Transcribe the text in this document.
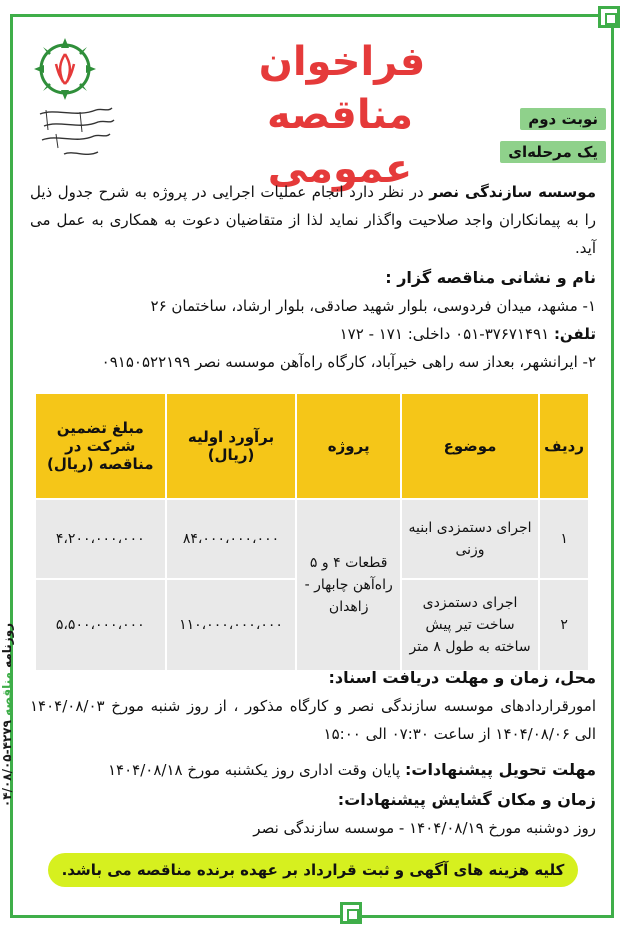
فراخوان
مناقصه عمومی
نوبت دوم
یک مرحله‌ای
موسسه سازندگی نصر در نظر دارد انجام عملیات اجرایی در پروژه به شرح جدول ذیل را به پیمانکاران واجد صلاحیت واگذار نماید لذا از متقاضیان دعوت به همکاری به عمل می آید.
نام و نشانی مناقصه گزار :
۱- مشهد، میدان فردوسی، بلوار شهید صادقی، بلوار ارشاد، ساختمان ۲۶
تلفن: ۳۷۶۷۱۴۹۱-۰۵۱ داخلی: ۱۷۱ - ۱۷۲
۲- ایرانشهر، بعداز سه راهی خیرآباد، کارگاه راه‌آهن موسسه نصر ۰۹۱۵۰۵۲۲۱۹۹
ردیف	موضوع	پروژه	برآورد اولیه (ریال)	مبلغ تضمین شرکت در مناقصه (ریال)
۱	اجرای دستمزدی ابنیه وزنی	قطعات ۴ و ۵ راه‌آهن چابهار - زاهدان	۸۴،۰۰۰،۰۰۰،۰۰۰	۴،۲۰۰،۰۰۰،۰۰۰
۲	اجرای دستمزدی ساخت تیر پیش ساخته به طول ۸ متر		۱۱۰،۰۰۰،۰۰۰،۰۰۰	۵،۵۰۰،۰۰۰،۰۰۰
محل، زمان و مهلت دریافت اسناد:
امورقراردادهای موسسه سازندگی نصر و کارگاه مذکور ، از روز شنبه مورخ ۱۴۰۴/۰۸/۰۳ الی ۱۴۰۴/۰۸/۰۶ از ساعت ۰۷:۳۰ الی ۱۵:۰۰
مهلت تحویل پیشنهادات: پایان وقت اداری روز یکشنبه مورخ ۱۴۰۴/۰۸/۱۸
زمان و مکان گشایش پیشنهادات:
روز دوشنبه مورخ ۱۴۰۴/۰۸/۱۹ - موسسه سازندگی نصر
کلیه هزینه های آگهی و ثبت قرارداد بر عهده برنده مناقصه می باشد.
روزنامه مناقصه ۴۲۷۹-۰۴/۰۸/۰۵
